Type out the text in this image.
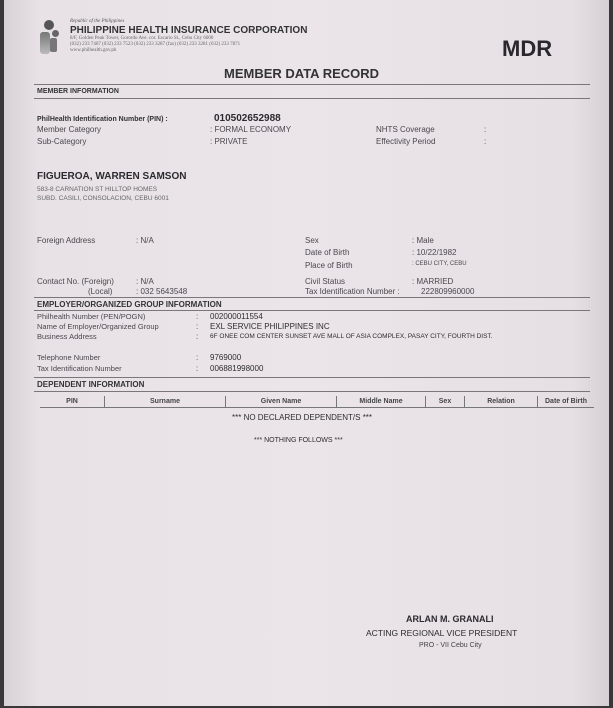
Republic of the Philippines
PHILIPPINE HEALTH INSURANCE CORPORATION
8/F, Golden Peak Tower, Gorordo Ave. cor. Escario St., Cebu City 6000
(032) 233 7407 (032) 233 7523 (032) 233 3287 (fax) (032) 233 3281 (032) 233 7871
www.philhealth.gov.ph	MDR
MEMBER DATA RECORD
MEMBER INFORMATION
PhilHealth Identification Number (PIN) :	010502652988
Member Category	: FORMAL ECONOMY
Sub-Category	: PRIVATE
NHTS Coverage	:
Effectivity Period	:
FIGUEROA, WARREN SAMSON
583-8 CARNATION ST HILLTOP HOMES
SUBD. CASILI, CONSOLACION, CEBU 6001
Foreign Address	: N/A	Sex	: Male
Date of Birth	: 10/22/1982
Place of Birth	: CEBU CITY, CEBU
Contact No. (Foreign)	: N/A
(Local)	: 032 5643548
Civil Status	: MARRIED
Tax Identification Number :	222809960000
EMPLOYER/ORGANIZED GROUP INFORMATION
Philhealth Number (PEN/POGN)	: 002000011554
Name of Employer/Organized Group	: EXL SERVICE PHILIPPINES INC
Business Address	: 6F ONEE COM CENTER SUNSET AVE MALL OF ASIA COMPLEX, PASAY CITY, FOURTH DIST.
Telephone Number	: 9769000
Tax Identification Number	: 006881998000
DEPENDENT INFORMATION
PIN	Surname	Given Name	Middle Name	Sex	Relation	Date of Birth
*** NO DECLARED DEPENDENT/S ***
*** NOTHING FOLLOWS ***
ARLAN M. GRANALI
ACTING REGIONAL VICE PRESIDENT
PRO - VII Cebu City
